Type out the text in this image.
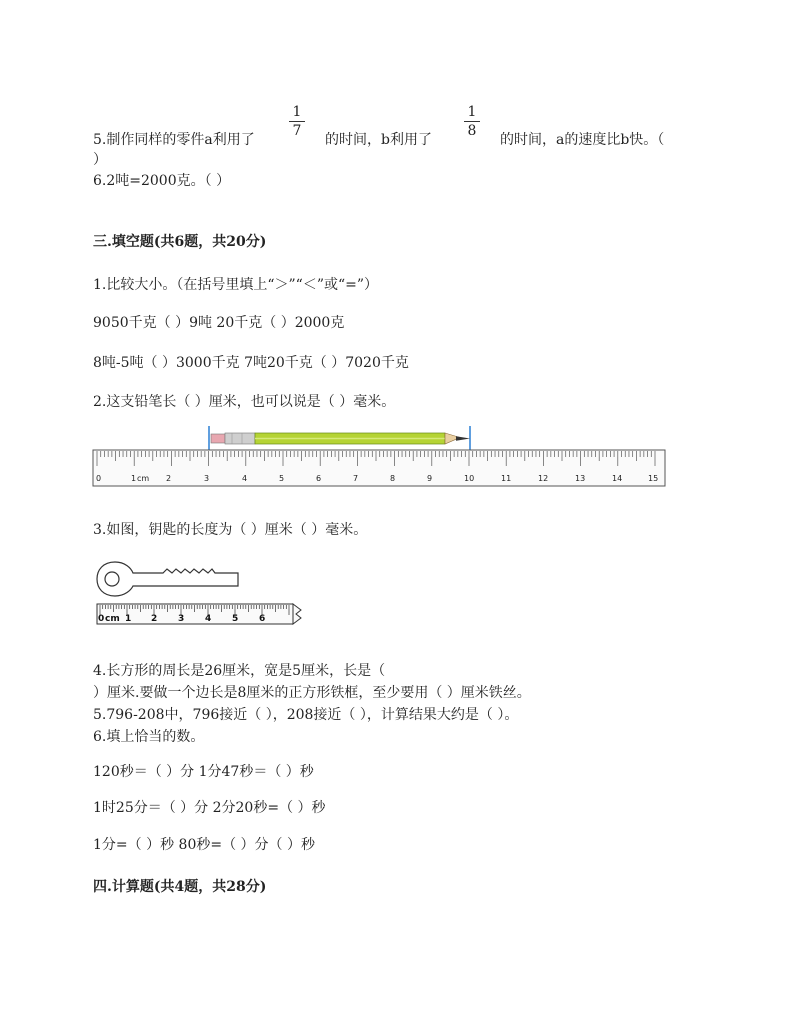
5.制作同样的零件a利用了
1
7
的时间，b利用了
1
8
的时间，a的速度比b快。（
）
6.2吨=2000克。（ ）
三.填空题(共6题，共20分)
1.比较大小。（在括号里填上“＞”“＜”或“=”）
9050千克（ ）9吨 20千克（ ）2000克
8吨-5吨（ ）3000千克 7吨20千克（ ）7020千克
2.这支铅笔长（ ）厘米，也可以说是（ ）毫米。
0	1 cm 2	3	4	5	6	7	8	9	10	11	12	13	14	15
3.如图，钥匙的长度为（ ）厘米（ ）毫米。
0 cm 1 2 3 4 5 6
4.长方形的周长是26厘米，宽是5厘米，长是（
）厘米.要做一个边长是8厘米的正方形铁框，至少要用（ ）厘米铁丝。
5.796-208中，796接近（ ），208接近（ ），计算结果大约是（ ）。
6.填上恰当的数。
120秒＝（ ）分 1分47秒＝（ ）秒
1时25分＝（ ）分 2分20秒=（ ）秒
1分=（ ）秒 80秒=（ ）分（ ）秒
四.计算题(共4题，共28分)
